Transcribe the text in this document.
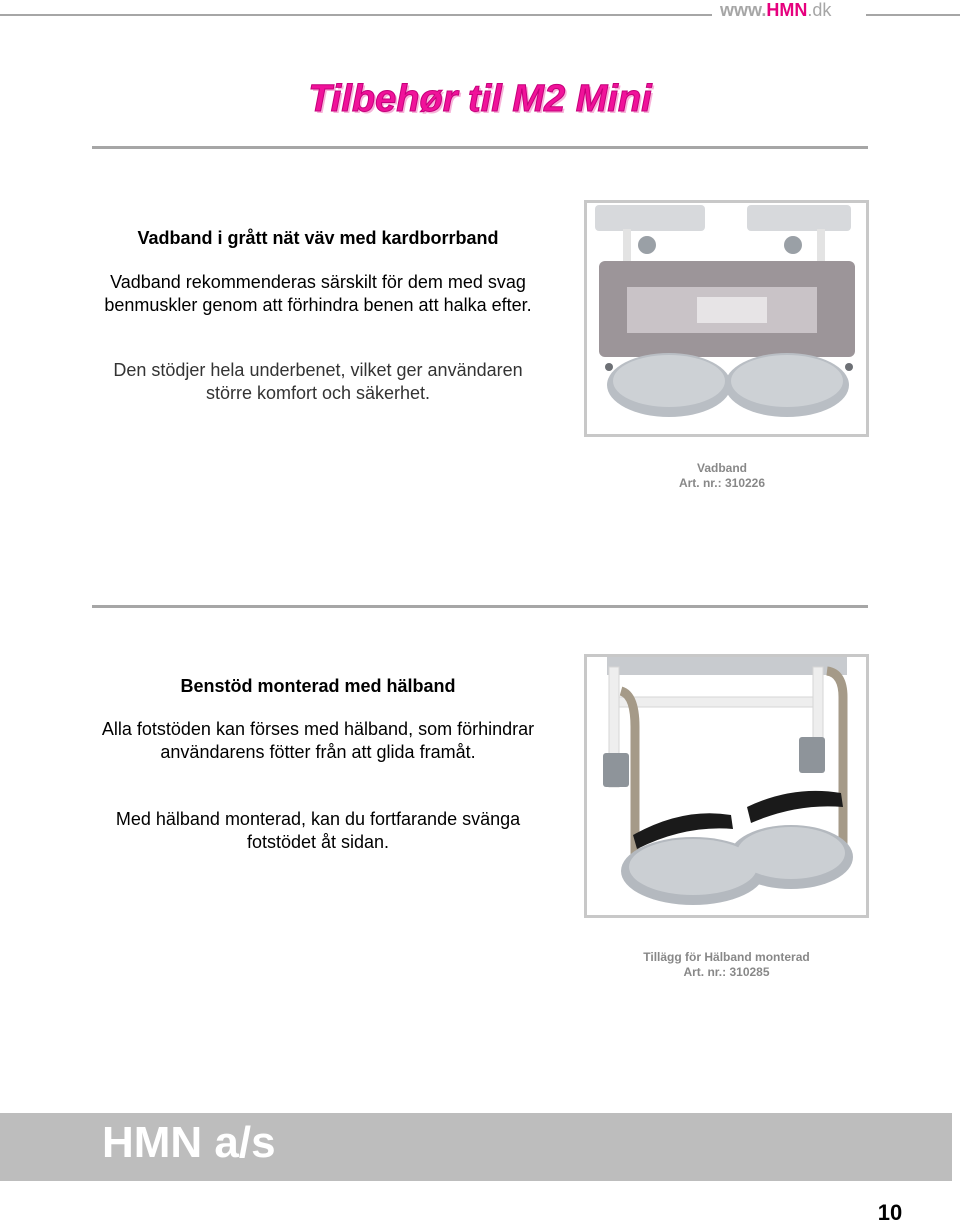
www.HMN.dk
Tilbehør til M2 Mini
Vadband i grått nät väv med kardborrband

Vadband rekommenderas särskilt för dem med svag benmuskler genom att förhindra benen att halka efter.

Den stödjer hela underbenet, vilket ger användaren större komfort och säkerhet.

Vadband
Art. nr.: 310226
Benstöd monterad med hälband

Alla fotstöden kan förses med hälband, som förhindrar användarens fötter från att glida framåt.

Med hälband monterad, kan du fortfarande svänga fotstödet åt sidan.

Tillägg för Hälband monterad
Art. nr.: 310285
HMN a/s
10
